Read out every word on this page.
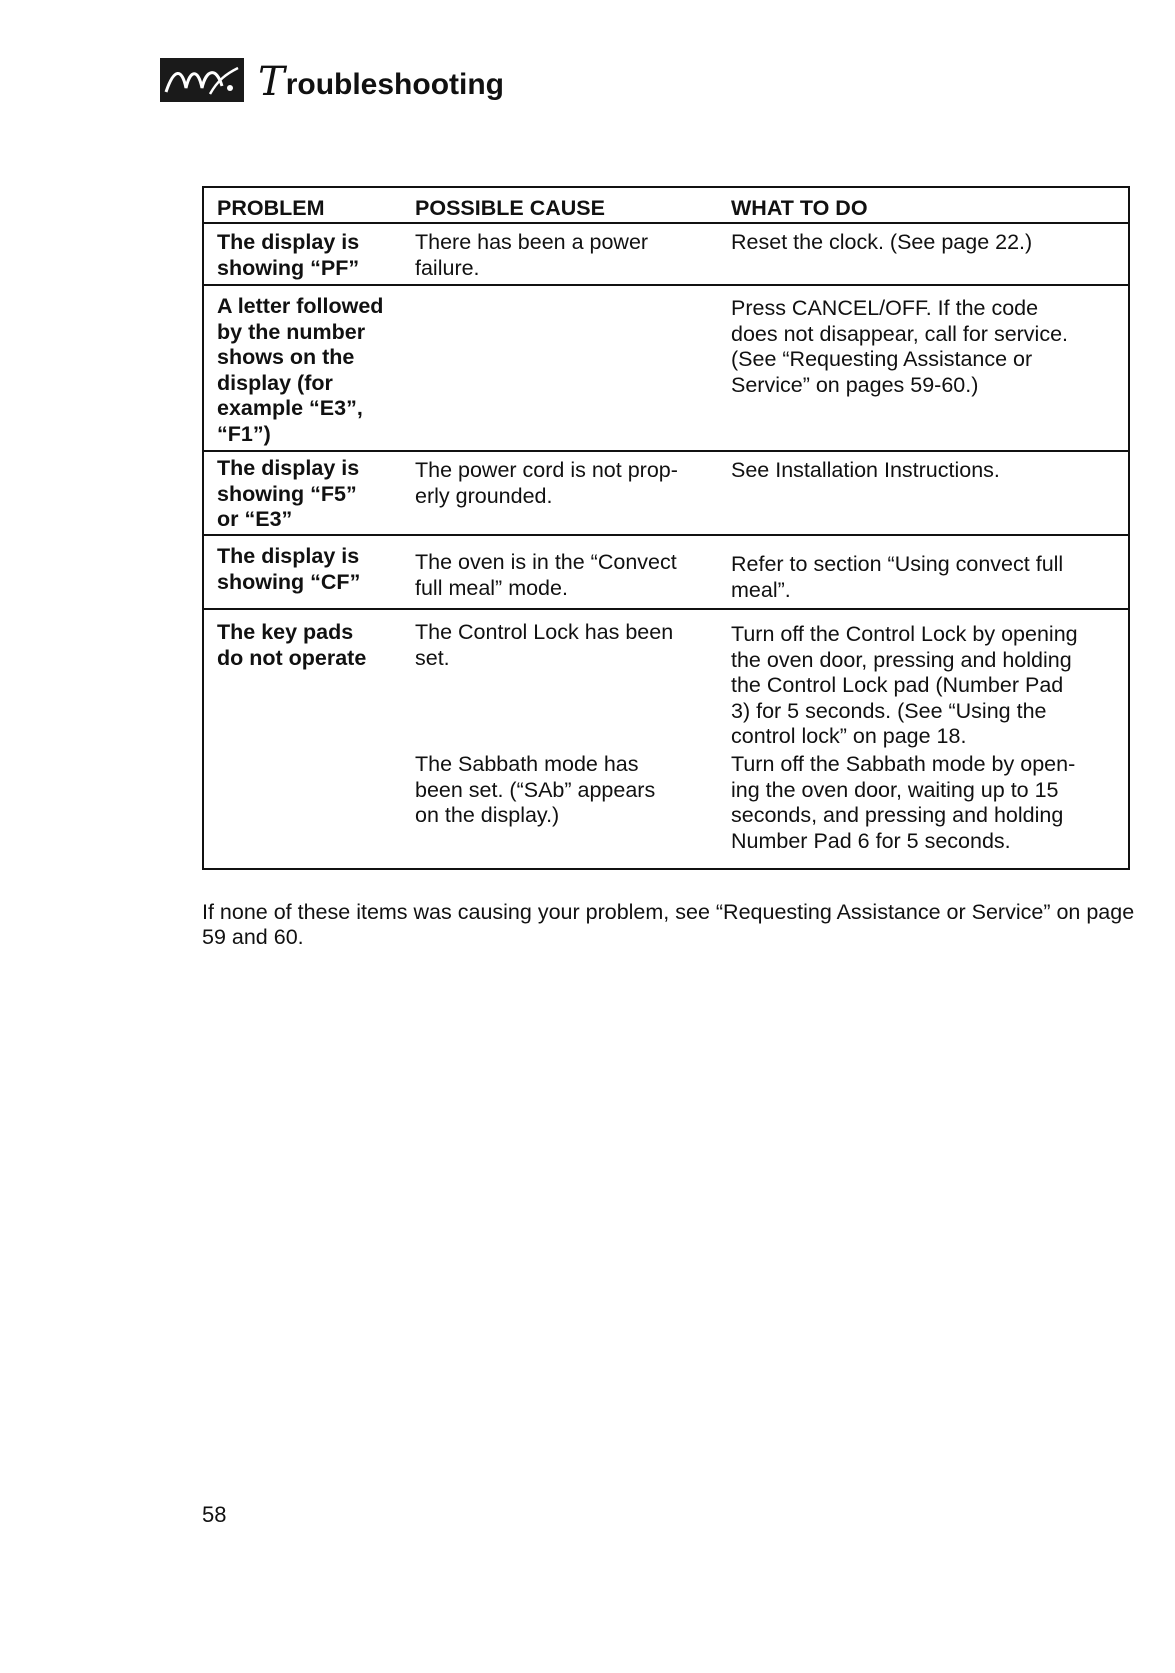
T roubleshooting
PROBLEM	POSSIBLE CAUSE	WHAT TO DO
The display is
showing “PF”
There has been a power
failure.
Reset the clock. (See page 22.)
A letter followed
by the number
shows on the
display (for
example “E3”,
“F1”)
Press CANCEL/OFF. If the code
does not disappear, call for service.
(See “Requesting Assistance or
Service” on pages 59-60.)
The display is
showing “F5”
or “E3”
The power cord is not prop-
erly grounded.
See Installation Instructions.
The display is
showing “CF”
The oven is in the “Convect
full meal” mode.
Refer to section “Using convect full
meal”.
The key pads
do not operate
The Control Lock has been
set.
The Sabbath mode has
been set. (“SAb” appears
on the display.)
Turn off the Control Lock by opening
the oven door, pressing and holding
the Control Lock pad (Number Pad
3) for 5 seconds. (See “Using the
control lock” on page 18.
Turn off the Sabbath mode by open-
ing the oven door, waiting up to 15
seconds, and pressing and holding
Number Pad 6 for 5 seconds.
If none of these items was causing your problem, see “Requesting Assistance or Service” on page 59 and 60.
58
